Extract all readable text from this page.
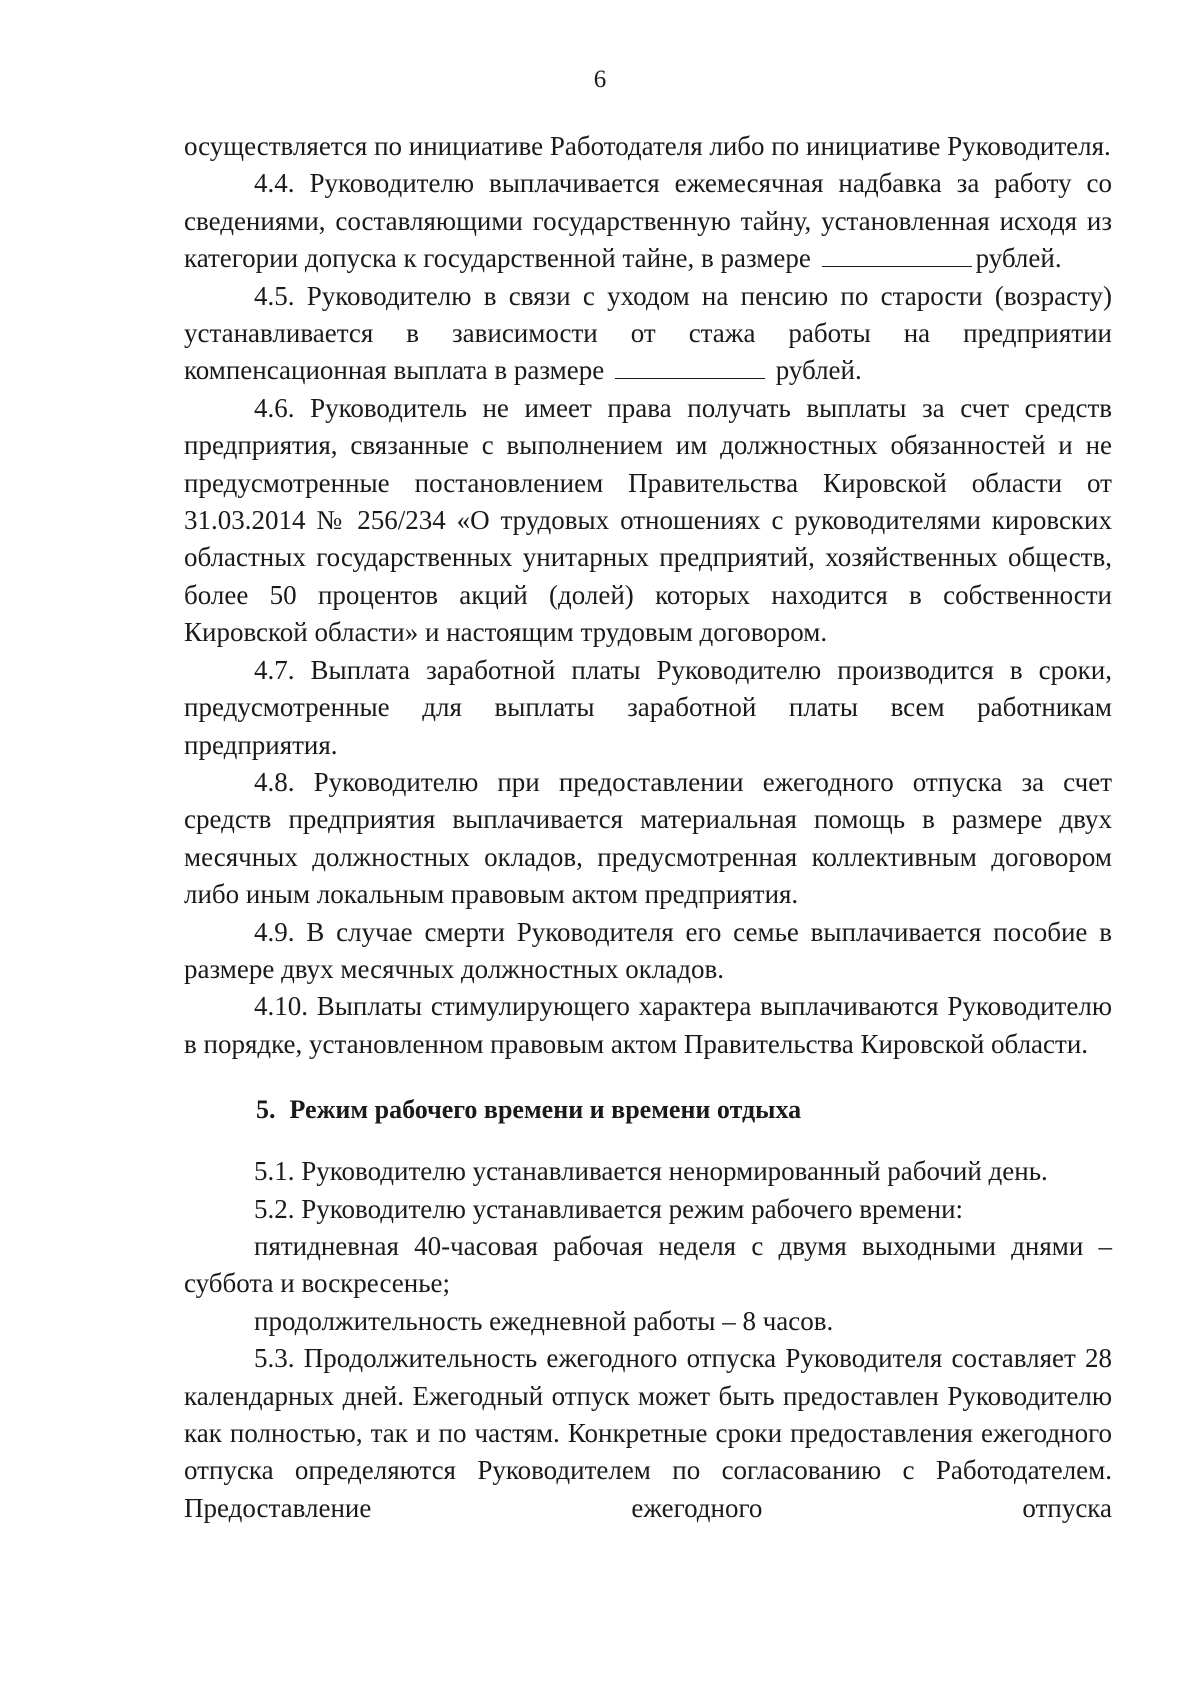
6

осуществляется по инициативе Работодателя либо по инициативе Руководителя.

4.4. Руководителю выплачивается ежемесячная надбавка за работу со сведениями, составляющими государственную тайну, установленная исходя из категории допуска к государственной тайне, в размере	рублей.

4.5. Руководителю в связи с уходом на пенсию по старости (возрасту) устанавливается в зависимости от стажа работы на предприятии компенсационная выплата в размере	рублей.

4.6. Руководитель не имеет права получать выплаты за счет средств предприятия, связанные с выполнением им должностных обязанностей и не предусмотренные постановлением Правительства Кировской области от 31.03.2014 № 256/234 «О трудовых отношениях с руководителями кировских областных государственных унитарных предприятий, хозяйственных обществ, более 50 процентов акций (долей) которых находится в собственности Кировской области» и настоящим трудовым договором.

4.7. Выплата заработной платы Руководителю производится в сроки, предусмотренные для выплаты заработной платы всем работникам предприятия.

4.8. Руководителю при предоставлении ежегодного отпуска за счет средств предприятия выплачивается материальная помощь в размере двух месячных должностных окладов, предусмотренная коллективным договором либо иным локальным правовым актом предприятия.

4.9. В случае смерти Руководителя его семье выплачивается пособие в размере двух месячных должностных окладов.

4.10. Выплаты стимулирующего характера выплачиваются Руководителю в порядке, установленном правовым актом Правительства Кировской области.

5. Режим рабочего времени и времени отдыха

5.1. Руководителю устанавливается ненормированный рабочий день.

5.2. Руководителю устанавливается режим рабочего времени:

пятидневная 40-часовая рабочая неделя с двумя выходными днями – суббота и воскресенье;

продолжительность ежедневной работы – 8 часов.

5.3. Продолжительность ежегодного отпуска Руководителя составляет 28 календарных дней. Ежегодный отпуск может быть предоставлен Руководителю как полностью, так и по частям. Конкретные сроки предоставления ежегодного отпуска определяются Руководителем по согласованию с Работодателем. Предоставление ежегодного отпуска
